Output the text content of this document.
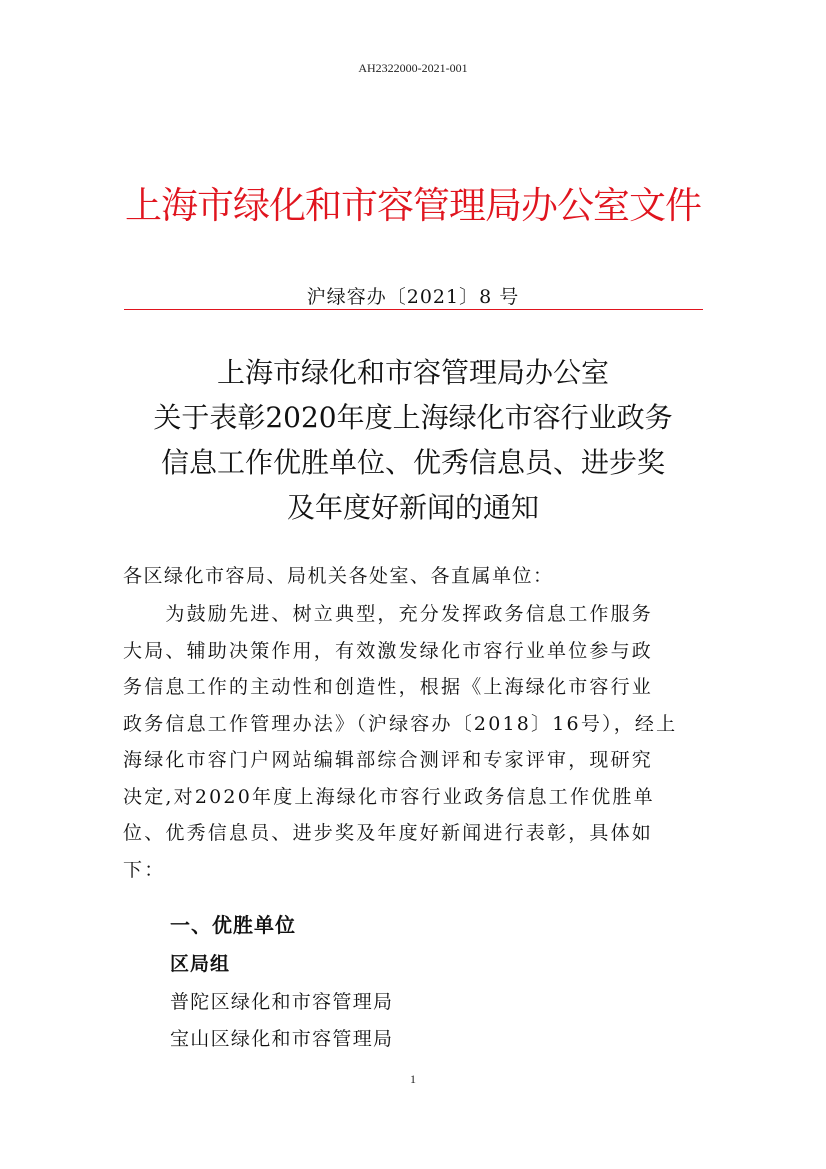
AH2322000-2021-001
上海市绿化和市容管理局办公室文件
沪绿容办〔2021〕8 号
上海市绿化和市容管理局办公室
关于表彰2020年度上海绿化市容行业政务
信息工作优胜单位、优秀信息员、进步奖
及年度好新闻的通知
各区绿化市容局、局机关各处室、各直属单位：
　　为鼓励先进、树立典型，充分发挥政务信息工作服务
大局、辅助决策作用，有效激发绿化市容行业单位参与政
务信息工作的主动性和创造性，根据《上海绿化市容行业
政务信息工作管理办法》（沪绿容办〔2018〕16号），经上
海绿化市容门户网站编辑部综合测评和专家评审，现研究
决定,对2020年度上海绿化市容行业政务信息工作优胜单
位、优秀信息员、进步奖及年度好新闻进行表彰，具体如
下：
一、优胜单位
区局组
普陀区绿化和市容管理局
宝山区绿化和市容管理局
1
